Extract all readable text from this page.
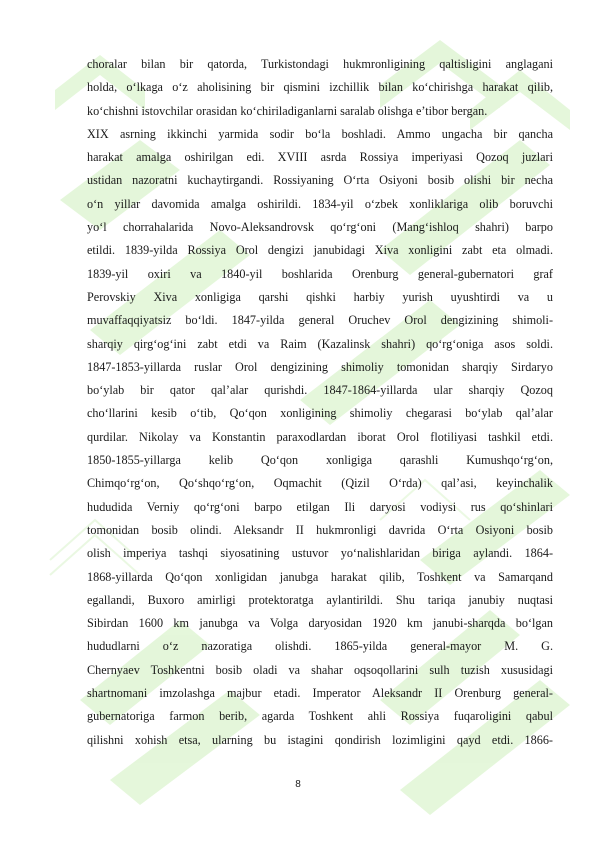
choralar bilan bir qatorda, Turkistondagi hukmronligining qaltisligini anglagani
holda, o‘lkaga o‘z aholisining bir qismini izchillik bilan ko‘chirishga harakat qilib,
ko‘chishni istovchilar orasidan ko‘chiriladiganlarni saralab olishga e’tibor bergan.
XIX asrning ikkinchi yarmida sodir bo‘la boshladi. Ammo ungacha bir qancha
harakat amalga oshirilgan edi. XVIII asrda Rossiya imperiyasi Qozoq juzlari
ustidan nazoratni kuchaytirgandi. Rossiyaning O‘rta Osiyoni bosib olishi bir necha
o‘n yillar davomida amalga oshirildi. 1834-yil o‘zbek xonliklariga olib boruvchi
yo‘l chorrahalarida Novo-Aleksandrovsk qo‘rg‘oni (Mang‘ishloq shahri) barpo
etildi. 1839-yilda Rossiya Orol dengizi janubidagi Xiva xonligini zabt eta olmadi.
1839-yil oxiri va 1840-yil boshlarida Orenburg general-gubernatori graf
Perovskiy Xiva xonligiga qarshi qishki harbiy yurish uyushtirdi va u
muvaffaqqiyatsiz bo‘ldi. 1847-yilda general Oruchev Orol dengizining shimoli-
sharqiy qirg‘og‘ini zabt etdi va Raim (Kazalinsk shahri) qo‘rg‘oniga asos soldi.
1847-1853-yillarda ruslar Orol dengizining shimoliy tomonidan sharqiy Sirdaryo
bo‘ylab bir qator qal’alar qurishdi. 1847-1864-yillarda ular sharqiy Qozoq
cho‘llarini kesib o‘tib, Qo‘qon xonligining shimoliy chegarasi bo‘ylab qal’alar
qurdilar. Nikolay va Konstantin paraxodlardan iborat Orol flotiliyasi tashkil etdi.
1850-1855-yillarga kelib Qo‘qon xonligiga qarashli Kumushqo‘rg‘on,
Chimqo‘rg‘on, Qo‘shqo‘rg‘on, Oqmachit (Qizil O‘rda) qal’asi, keyinchalik
hududida Verniy qo‘rg‘oni barpo etilgan Ili daryosi vodiysi rus qo‘shinlari
tomonidan bosib olindi. Aleksandr II hukmronligi davrida O‘rta Osiyoni bosib
olish imperiya tashqi siyosatining ustuvor yo‘nalishlaridan biriga aylandi. 1864-
1868-yillarda Qo‘qon xonligidan janubga harakat qilib, Toshkent va Samarqand
egallandi, Buxoro amirligi protektoratga aylantirildi. Shu tariqa janubiy nuqtasi
Sibirdan 1600 km janubga va Volga daryosidan 1920 km janubi-sharqda bo‘lgan
hududlarni o‘z nazoratiga olishdi. 1865-yilda general-mayor M. G.
Chernyaev Toshkentni bosib oladi va shahar oqsoqollarini sulh tuzish xususidagi
shartnomani imzolashga majbur etadi. Imperator Aleksandr II Orenburg general-
gubernatoriga farmon berib, agarda Toshkent ahli Rossiya fuqaroligini qabul
qilishni xohish etsa, ularning bu istagini qondirish lozimligini qayd etdi. 1866-
8
